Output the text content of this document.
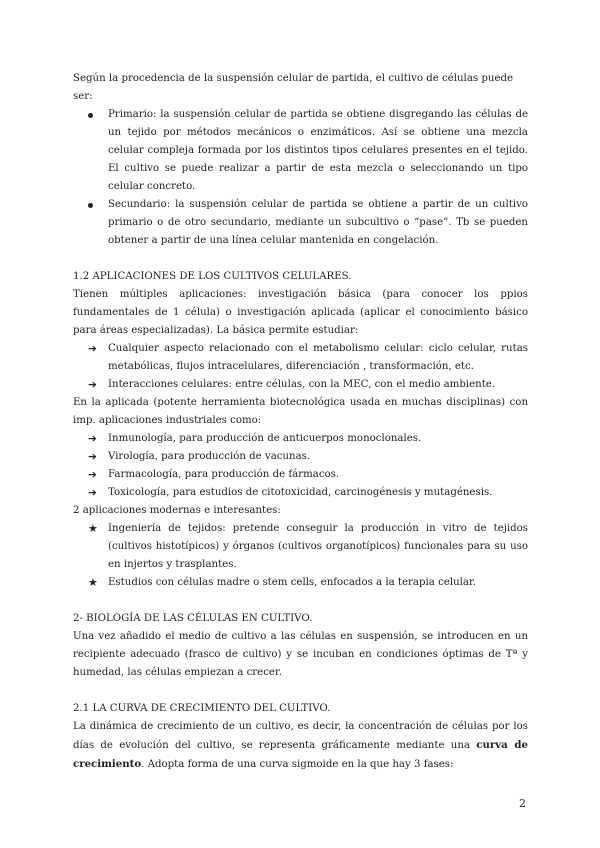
Según la procedencia de la suspensión celular de partida, el cultivo de células puede ser:

Primario: la suspensión celular de partida se obtiene disgregando las células de un tejido por métodos mecánicos o enzimáticos. Así se obtiene una mezcla celular compleja formada por los distintos tipos celulares presentes en el tejido. El cultivo se puede realizar a partir de esta mezcla o seleccionando un tipo celular concreto.
Secundario: la suspensión celular de partida se obtiene a partir de un cultivo primario o de otro secundario, mediante un subcultivo o “pase”. Tb se pueden obtener a partir de una línea celular mantenida en congelación.

1.2 APLICACIONES DE LOS CULTIVOS CELULARES.

Tienen múltiples aplicaciones: investigación básica (para conocer los ppios fundamentales de 1 célula) o investigación aplicada (aplicar el conocimiento básico para áreas especializadas). La básica permite estudiar:

➔	Cualquier aspecto relacionado con el metabolismo celular: ciclo celular, rutas metabólicas, flujos intracelulares, diferenciación , transformación, etc.
➔	Interacciones celulares: entre células, con la MEC, con el medio ambiente.

En la aplicada (potente herramienta biotecnológica usada en muchas disciplinas) con imp. aplicaciones industriales como:

➔	Inmunología, para producción de anticuerpos monoclonales.
➔	Virología, para producción de vacunas.
➔	Farmacología, para producción de fármacos.
➔	Toxicología, para estudios de citotoxicidad, carcinogénesis y mutagénesis.

2 aplicaciones modernas e interesantes:

★ Ingeniería de tejidos: pretende conseguir la producción in vitro de tejidos (cultivos histotípicos) y órganos (cultivos organotípicos) funcionales para su uso en injertos y trasplantes.
★ Estudios con células madre o stem cells, enfocados a la terapia celular.

2- BIOLOGÍA DE LAS CÉLULAS EN CULTIVO.

Una vez añadido el medio de cultivo a las células en suspensión, se introducen en un recipiente adecuado (frasco de cultivo) y se incuban en condiciones óptimas de Tª y humedad, las células empiezan a crecer.

2.1 LA CURVA DE CRECIMIENTO DEL CULTIVO.

La dinámica de crecimiento de un cultivo, es decir, la concentración de células por los días de evolución del cultivo, se representa gráficamente mediante una curva de crecimiento. Adopta forma de una curva sigmoide en la que hay 3 fases:

2
